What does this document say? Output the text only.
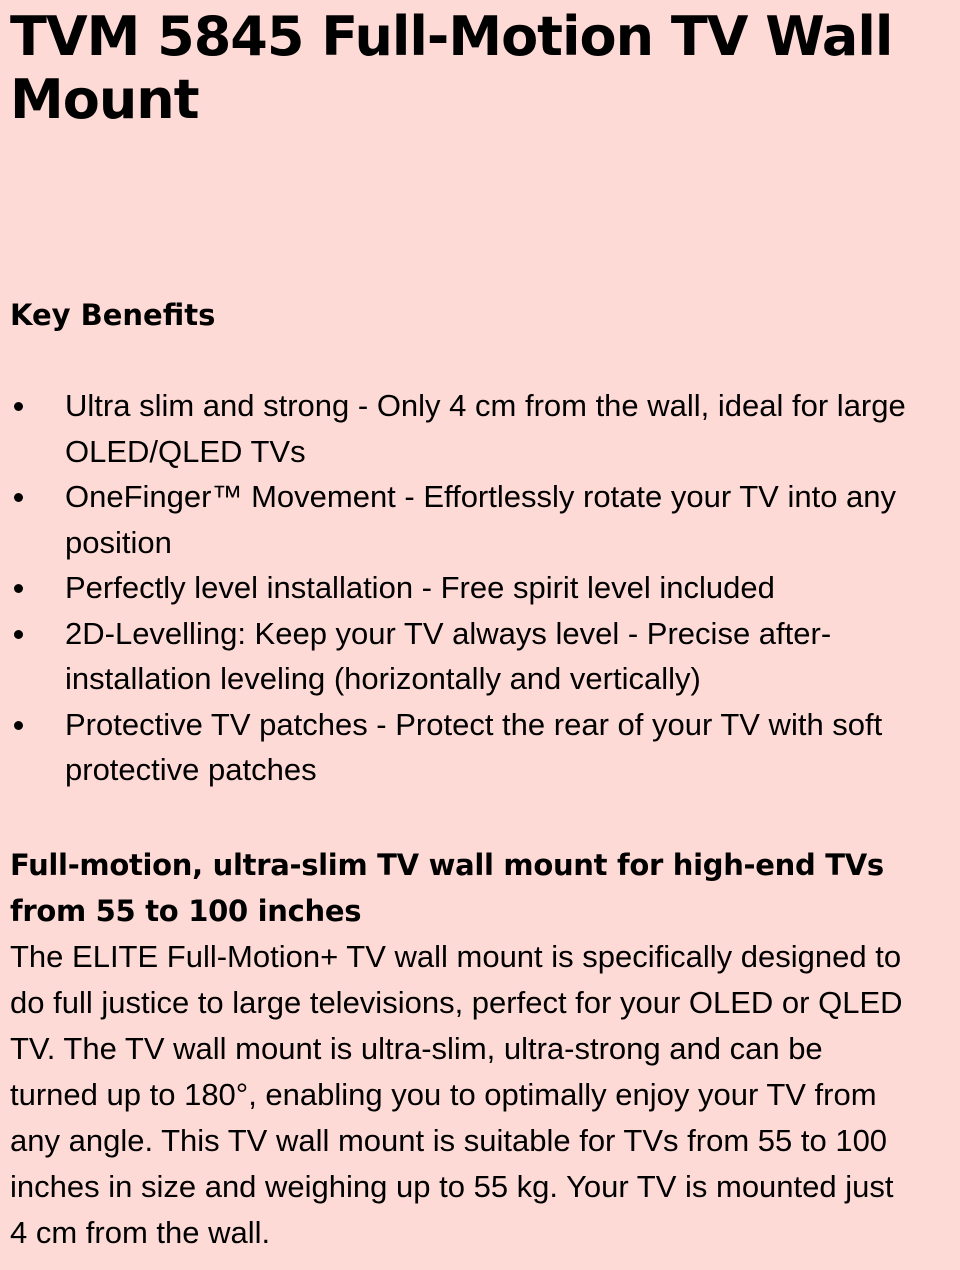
TVM 5845 Full-Motion TV Wall Mount
Key Benefits
Ultra slim and strong - Only 4 cm from the wall, ideal for large OLED/QLED TVs
OneFinger™ Movement - Effortlessly rotate your TV into any position
Perfectly level installation - Free spirit level included
2D-Levelling: Keep your TV always level - Precise after-installation leveling (horizontally and vertically)
Protective TV patches - Protect the rear of your TV with soft protective patches
Full-motion, ultra-slim TV wall mount for high-end TVs from 55 to 100 inches

The ELITE Full-Motion+ TV wall mount is specifically designed to do full justice to large televisions, perfect for your OLED or QLED TV. The TV wall mount is ultra-slim, ultra-strong and can be turned up to 180°, enabling you to optimally enjoy your TV from any angle. This TV wall mount is suitable for TVs from 55 to 100 inches in size and weighing up to 55 kg. Your TV is mounted just 4 cm from the wall.
